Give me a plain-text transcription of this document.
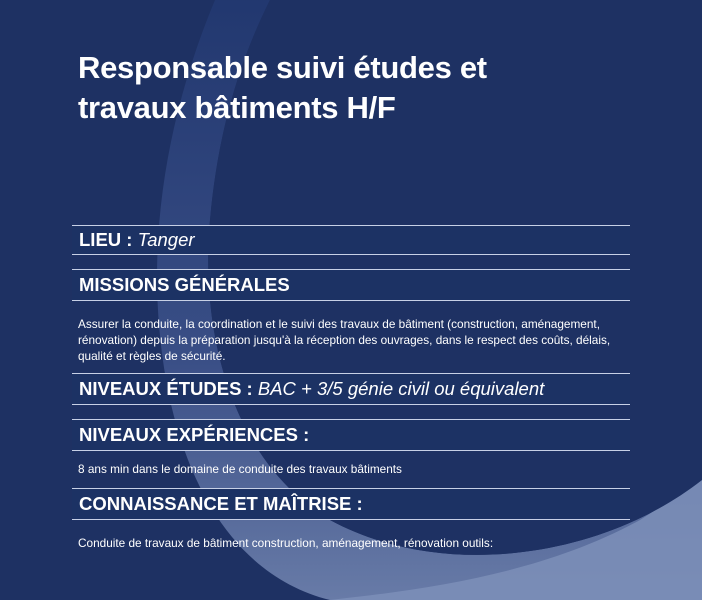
Responsable suivi études et travaux bâtiments H/F
LIEU :
Tanger
MISSIONS GÉNÉRALES
Assurer la conduite, la coordination et le suivi des travaux de bâtiment (construction, aménagement, rénovation) depuis la préparation jusqu'à la réception des ouvrages, dans le respect des coûts, délais, qualité et règles de sécurité.
NIVEAUX ÉTUDES :
BAC + 3/5 génie civil ou équivalent
NIVEAUX EXPÉRIENCES :
8 ans min dans le domaine de conduite des travaux bâtiments
CONNAISSANCE ET MAÎTRISE :
Conduite de travaux de bâtiment construction, aménagement, rénovation outils:
